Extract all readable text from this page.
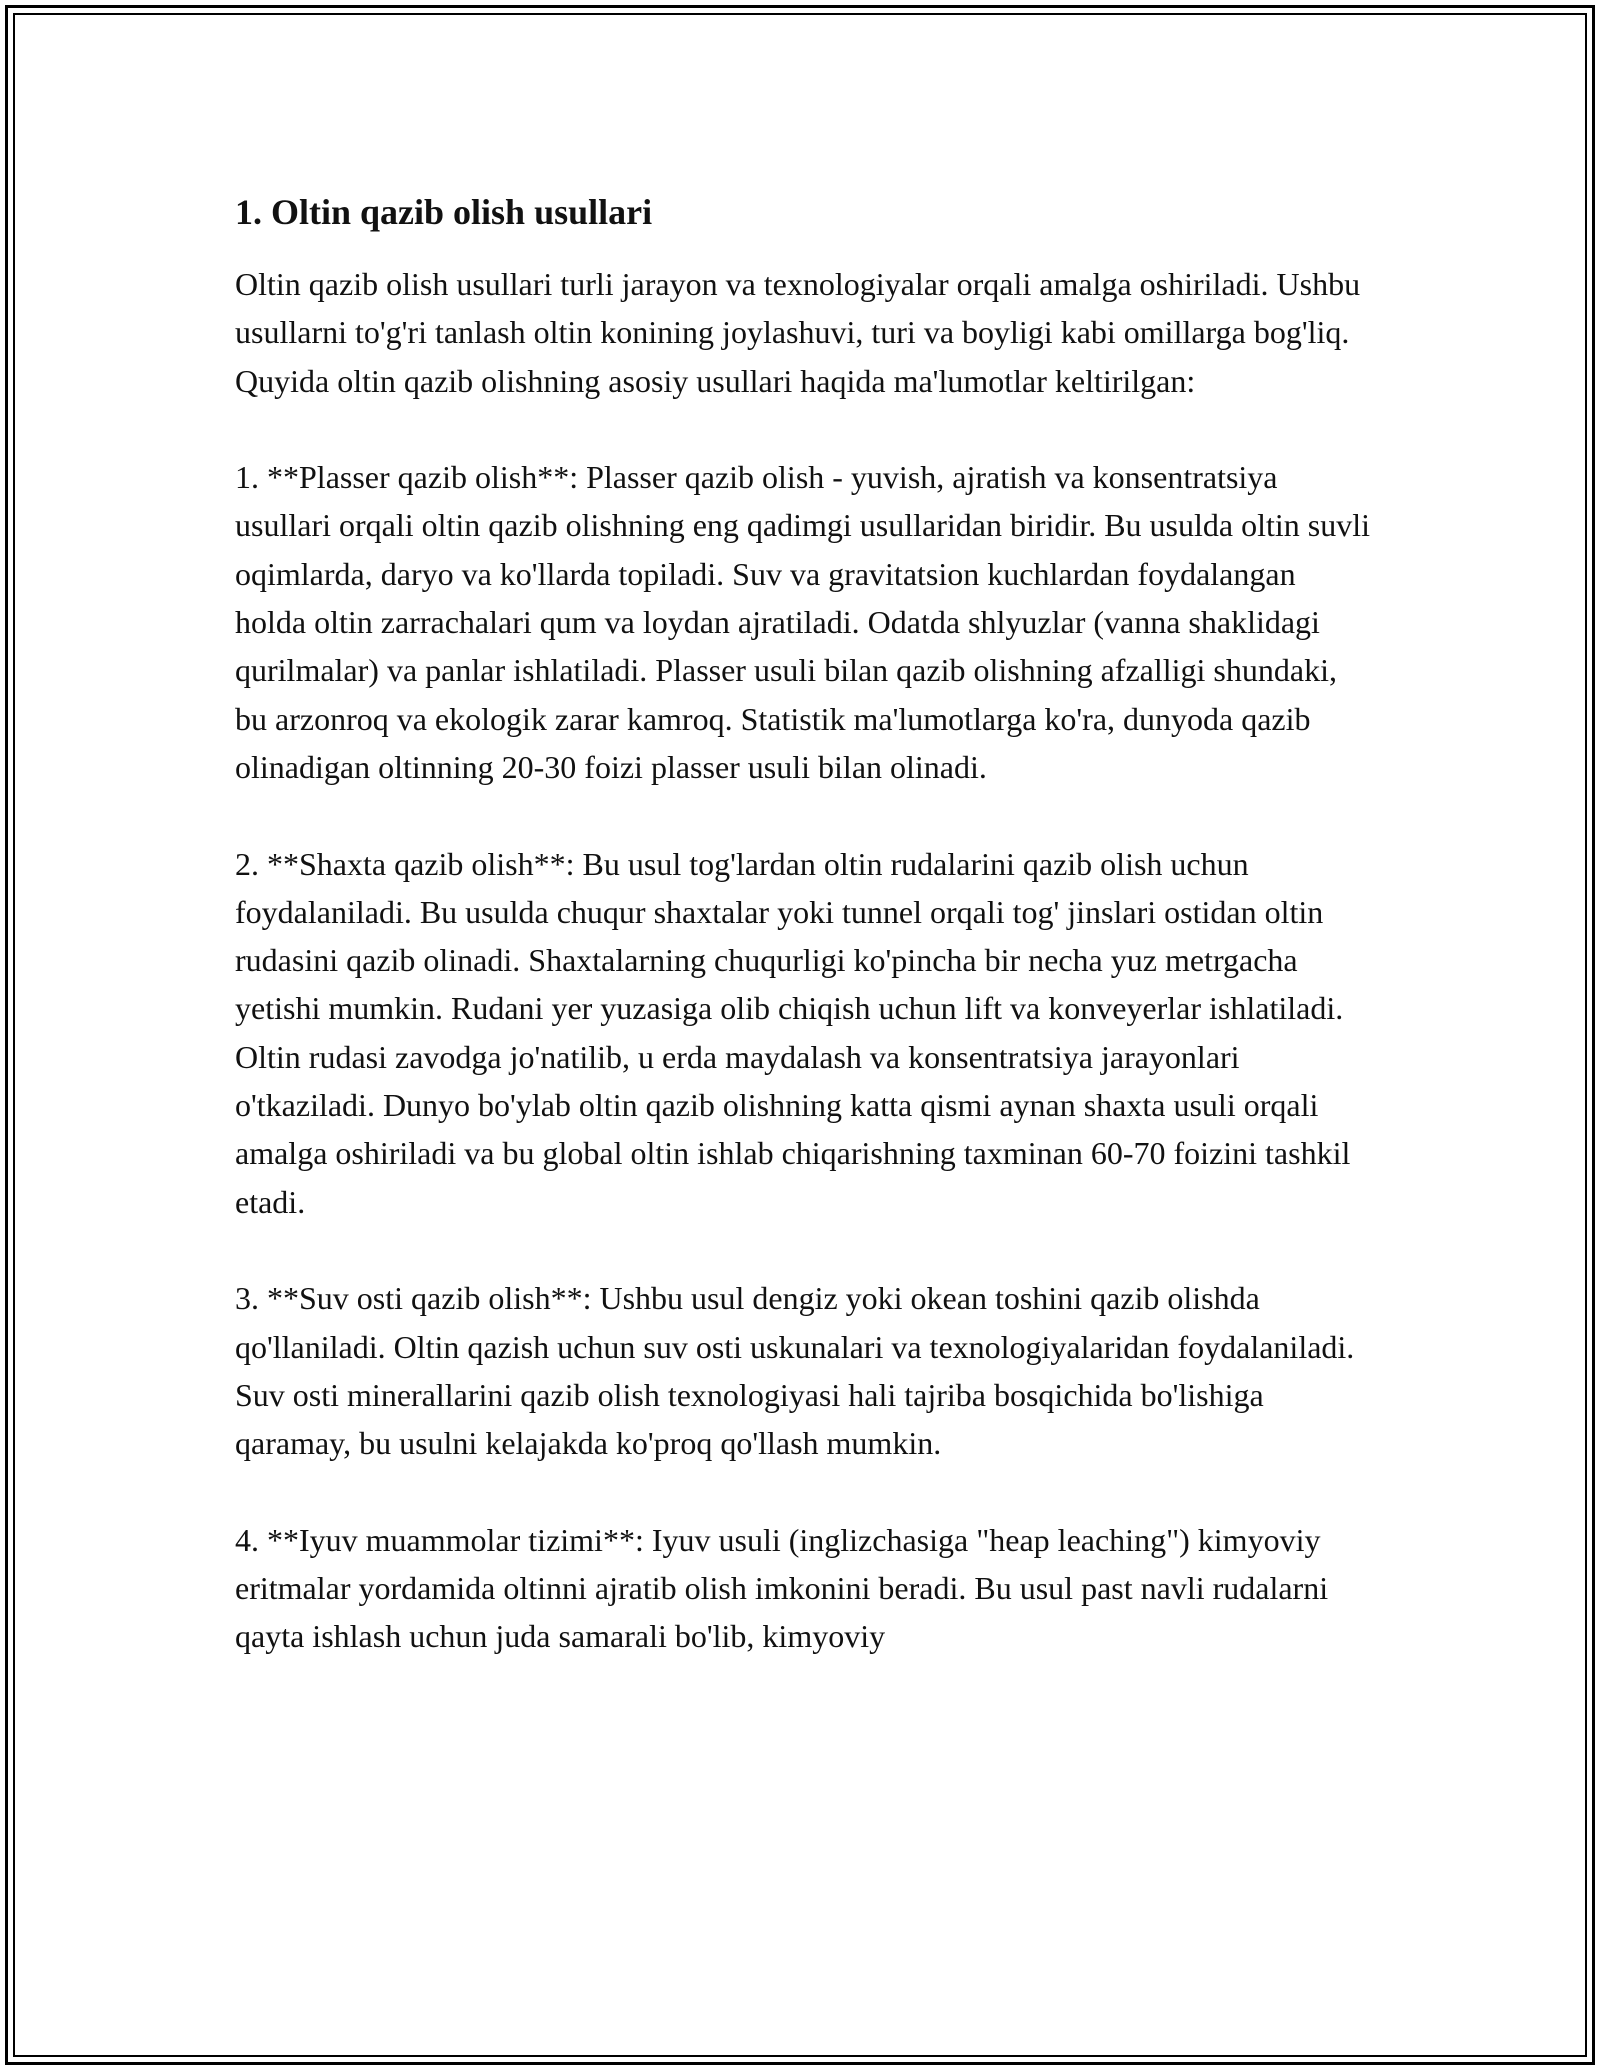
1. Oltin qazib olish usullari

Oltin qazib olish usullari turli jarayon va texnologiyalar orqali amalga oshiriladi. Ushbu usullarni to'g'ri tanlash oltin konining joylashuvi, turi va boyligi kabi omillarga bog'liq. Quyida oltin qazib olishning asosiy usullari haqida ma'lumotlar keltirilgan:

1. **Plasser qazib olish**: Plasser qazib olish - yuvish, ajratish va konsentratsiya usullari orqali oltin qazib olishning eng qadimgi usullaridan biridir. Bu usulda oltin suvli oqimlarda, daryo va ko'llarda topiladi. Suv va gravitatsion kuchlardan foydalangan holda oltin zarrachalari qum va loydan ajratiladi. Odatda shlyuzlar (vanna shaklidagi qurilmalar) va panlar ishlatiladi. Plasser usuli bilan qazib olishning afzalligi shundaki, bu arzonroq va ekologik zarar kamroq. Statistik ma'lumotlarga ko'ra, dunyoda qazib olinadigan oltinning 20-30 foizi plasser usuli bilan olinadi.

2. **Shaxta qazib olish**: Bu usul tog'lardan oltin rudalarini qazib olish uchun foydalaniladi. Bu usulda chuqur shaxtalar yoki tunnel orqali tog' jinslari ostidan oltin rudasini qazib olinadi. Shaxtalarning chuqurligi ko'pincha bir necha yuz metrgacha yetishi mumkin. Rudani yer yuzasiga olib chiqish uchun lift va konveyerlar ishlatiladi. Oltin rudasi zavodga jo'natilib, u erda maydalash va konsentratsiya jarayonlari o'tkaziladi. Dunyo bo'ylab oltin qazib olishning katta qismi aynan shaxta usuli orqali amalga oshiriladi va bu global oltin ishlab chiqarishning taxminan 60-70 foizini tashkil etadi.

3. **Suv osti qazib olish**: Ushbu usul dengiz yoki okean toshini qazib olishda qo'llaniladi. Oltin qazish uchun suv osti uskunalari va texnologiyalaridan foydalaniladi. Suv osti minerallarini qazib olish texnologiyasi hali tajriba bosqichida bo'lishiga qaramay, bu usulni kelajakda ko'proq qo'llash mumkin.

4. **Iyuv muammolar tizimi**: Iyuv usuli (inglizchasiga "heap leaching") kimyoviy eritmalar yordamida oltinni ajratib olish imkonini beradi. Bu usul past navli rudalarni qayta ishlash uchun juda samarali bo'lib, kimyoviy
